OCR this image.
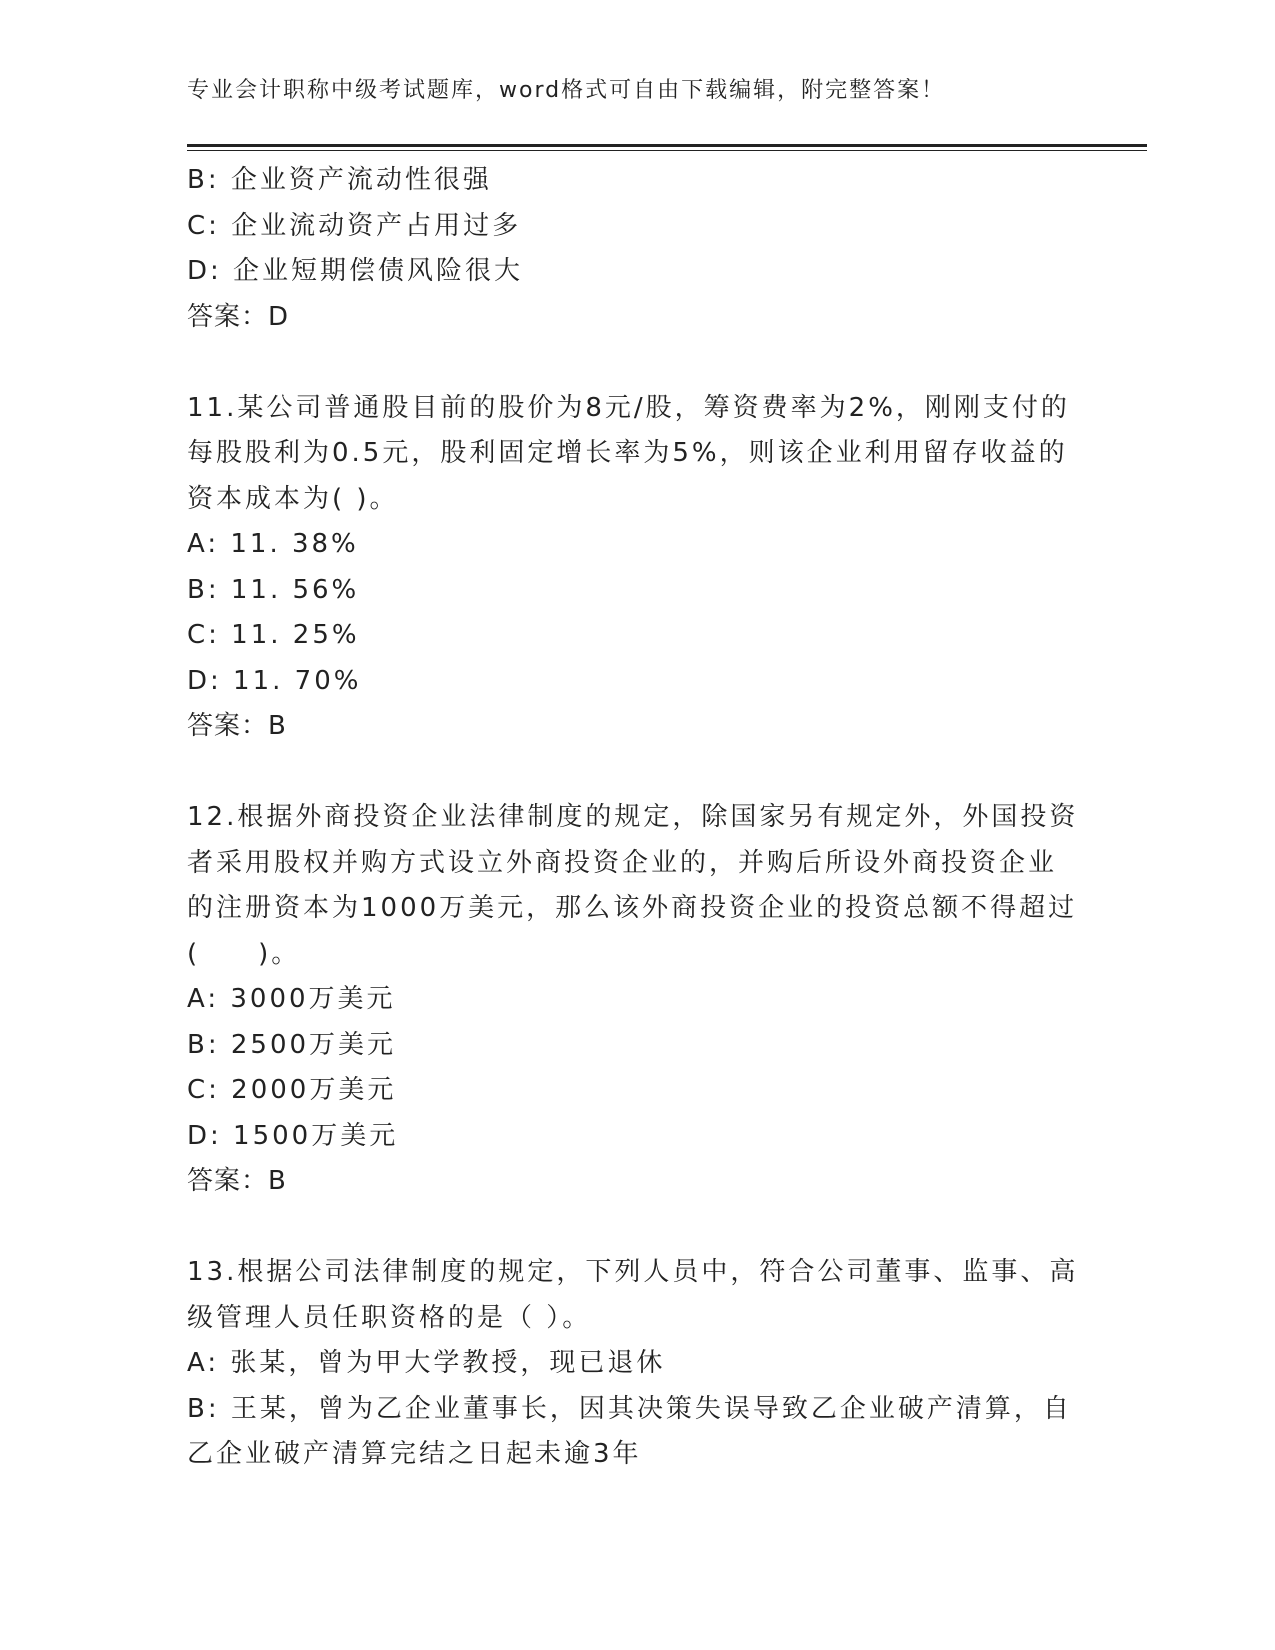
专业会计职称中级考试题库，word格式可自由下载编辑，附完整答案！
B: 企业资产流动性很强
C: 企业流动资产占用过多
D: 企业短期偿债风险很大
答案：D
11.某公司普通股目前的股价为8元/股，筹资费率为2%，刚刚支付的
每股股利为0.5元，股利固定增长率为5%，则该企业利用留存收益的
资本成本为( )。
A: 11. 38%
B: 11. 56%
C: 11. 25%
D: 11. 70%
答案：B
12.根据外商投资企业法律制度的规定，除国家另有规定外，外国投资
者采用股权并购方式设立外商投资企业的，并购后所设外商投资企业
的注册资本为1000万美元，那么该外商投资企业的投资总额不得超过
(　　)。
A: 3000万美元
B: 2500万美元
C: 2000万美元
D: 1500万美元
答案：B
13.根据公司法律制度的规定，下列人员中，符合公司董事、监事、高
级管理人员任职资格的是（ ）。
A: 张某，曾为甲大学教授，现已退休
B: 王某，曾为乙企业董事长，因其决策失误导致乙企业破产清算，自
乙企业破产清算完结之日起未逾3年
